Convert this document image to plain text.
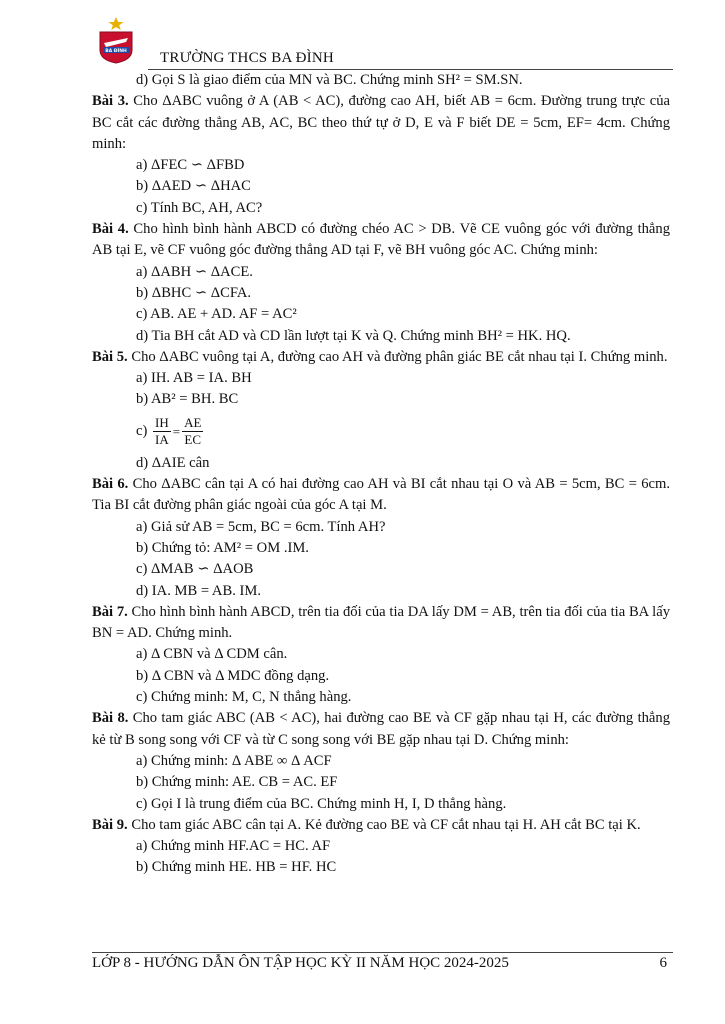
BA ĐÌNH TRƯỜNG THCS BA ĐÌNH

d) Gọi S là giao điểm của MN và BC. Chứng minh SH² = SM.SN.

Bài 3. Cho ΔABC vuông ở A (AB < AC), đường cao AH, biết AB = 6cm. Đường trung trực của BC cắt các đường thẳng AB, AC, BC theo thứ tự ở D, E và F biết DE = 5cm, EF= 4cm. Chứng minh:

a) ΔFEC ∽ ΔFBD

b) ΔAED ∽ ΔHAC

c) Tính BC, AH, AC?

Bài 4. Cho hình bình hành ABCD có đường chéo AC > DB. Vẽ CE vuông góc với đường thẳng AB tại E, vẽ CF vuông góc đường thẳng AD tại F, vẽ BH vuông góc AC. Chứng minh:

a) ΔABH ∽ ΔACE.

b) ΔBHC ∽ ΔCFA.

c) AB. AE + AD. AF = AC²

d) Tia BH cắt AD và CD lần lượt tại K và Q. Chứng minh BH² = HK. HQ.

Bài 5. Cho ΔABC vuông tại A, đường cao AH và đường phân giác BE cắt nhau tại I. Chứng minh.

a) IH. AB = IA. BH

b) AB² = BH. BC

c)
$\frac{IH}{IA} = \frac{AE}{EC}$

d) ΔAIE cân

Bài 6. Cho ΔABC cân tại A có hai đường cao AH và BI cắt nhau tại O và AB = 5cm, BC = 6cm. Tia BI cắt đường phân giác ngoài của góc A tại M.

a) Giả sử AB = 5cm, BC = 6cm. Tính AH?

b) Chứng tỏ: AM² = OM .IM.

c) ΔMAB ∽ ΔAOB

d) IA. MB = AB. IM.

Bài 7. Cho hình bình hành ABCD, trên tia đối của tia DA lấy DM = AB, trên tia đối của tia BA lấy BN = AD. Chứng minh.

a) Δ CBN và Δ CDM cân.

b) Δ CBN và Δ MDC đồng dạng.

c) Chứng minh: M, C, N thẳng hàng.

Bài 8. Cho tam giác ABC (AB < AC), hai đường cao BE và CF gặp nhau tại H, các đường thẳng kẻ từ B song song với CF và từ C song song với BE gặp nhau tại D. Chứng minh:

a) Chứng minh: Δ ABE ∞ Δ ACF

b) Chứng minh: AE. CB = AC. EF

c) Gọi I là trung điểm của BC. Chứng minh H, I, D thẳng hàng.

Bài 9. Cho tam giác ABC cân tại A. Kẻ đường cao BE và CF cắt nhau tại H. AH cắt BC tại K.

a) Chứng minh HF.AC = HC. AF

b) Chứng minh HE. HB = HF. HC

LỚP 8 - HƯỚNG DẪN ÔN TẬP HỌC KỲ II NĂM HỌC 2024-2025	6
